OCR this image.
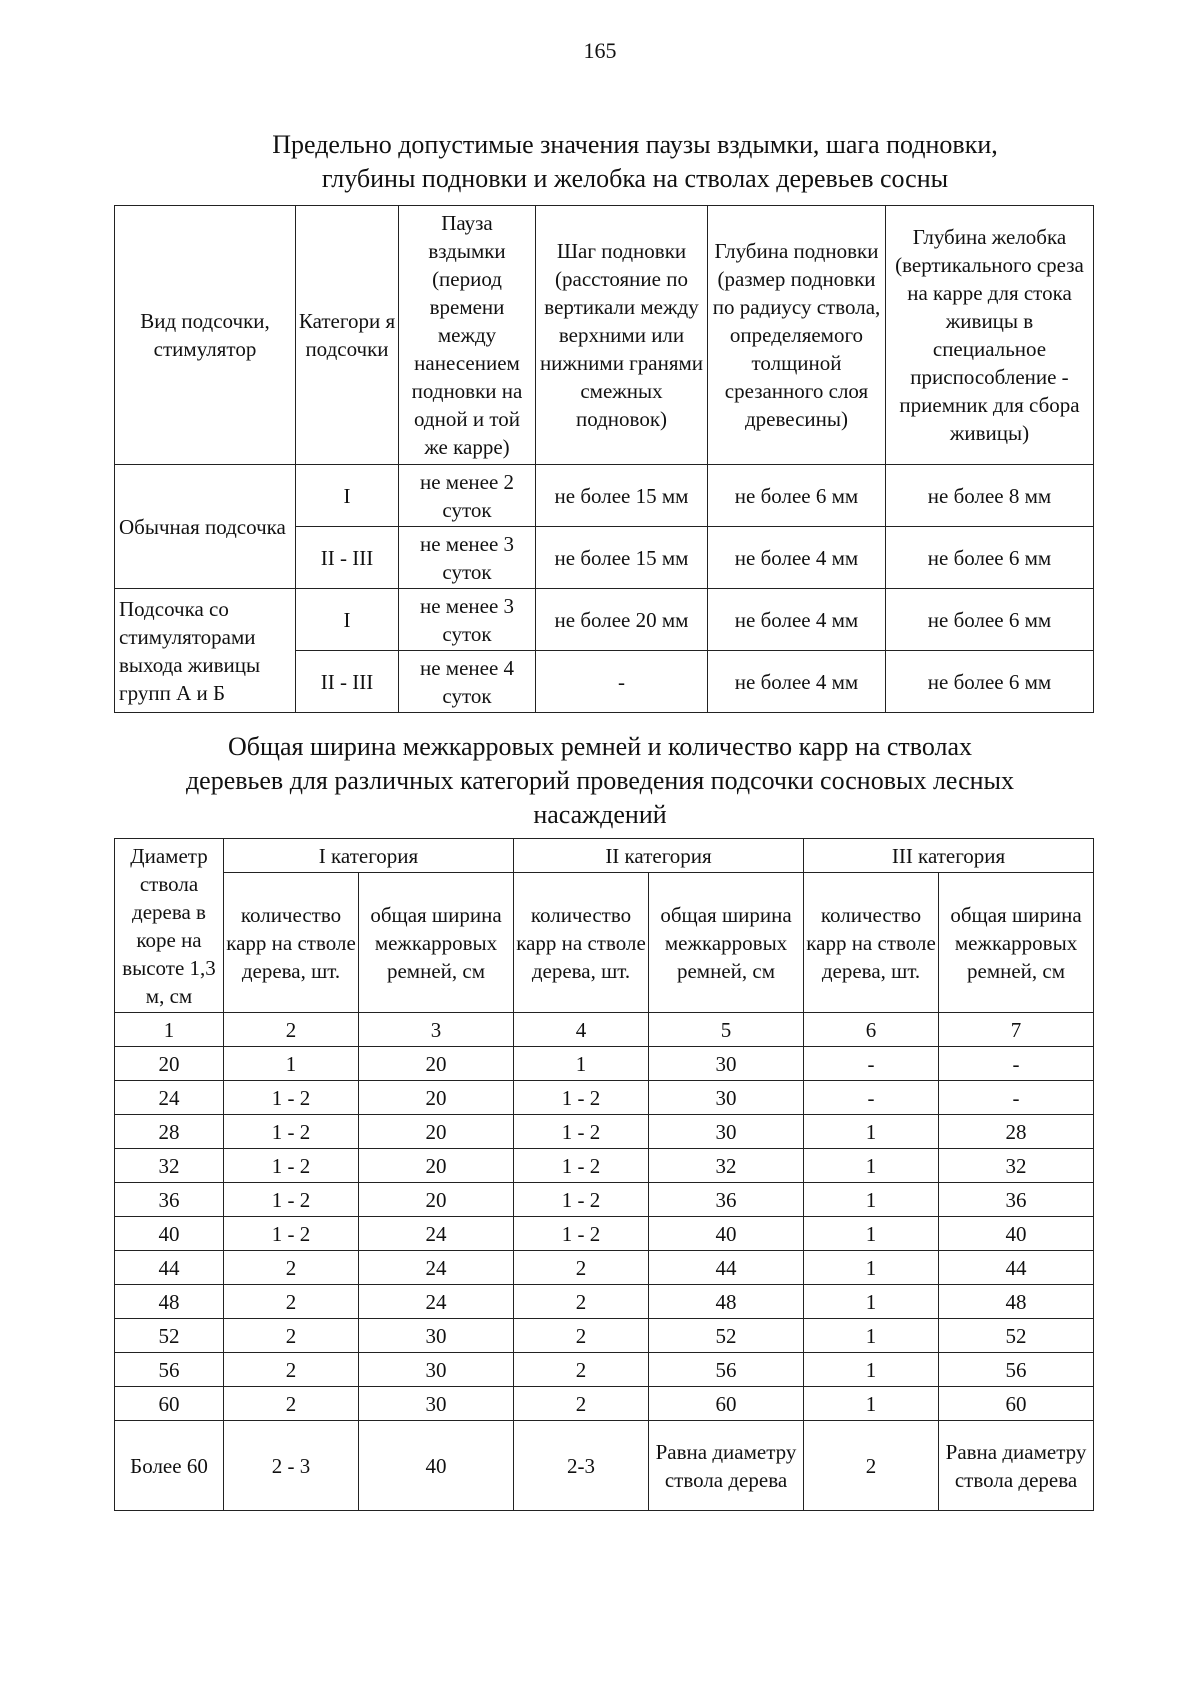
165
Предельно допустимые значения паузы вздымки, шага подновки,
глубины подновки и желобка на стволах деревьев сосны
Вид подсочки, стимулятор	Категори я подсочки	Пауза вздымки (период времени между нанесением подновки на одной и той же карре)	Шаг подновки (расстояние по вертикали между верхними или нижними гранями смежных подновок)	Глубина подновки (размер подновки по радиусу ствола, определяемого толщиной срезанного слоя древесины)	Глубина желобка (вертикального среза на карре для стока живицы в специальное приспособление - приемник для сбора живицы)
Обычная подсочка	I	не менее 2 суток	не более 15 мм	не более 6 мм	не более 8 мм
	II - III	не менее 3 суток	не более 15 мм	не более 4 мм	не более 6 мм
Подсочка со стимуляторами выхода живицы групп А и Б	I	не менее 3 суток	не более 20 мм	не более 4 мм	не более 6 мм
	II - III	не менее 4 суток	-	не более 4 мм	не более 6 мм
Общая ширина межкарровых ремней и количество карр на стволах
деревьев для различных категорий проведения подсочки сосновых лесных
насаждений
Диаметр ствола дерева в коре на высоте 1,3 м, см	I категория		II категория		III категория	
	количество карр на стволе дерева, шт.	общая ширина межкарровых ремней, см	количество карр на стволе дерева, шт.	общая ширина межкарровых ремней, см	количество карр на стволе дерева, шт.	общая ширина межкарровых ремней, см
1	2	3	4	5	6	7
20	1	20	1	30	-	-
24	1 - 2	20	1 - 2	30	-	-
28	1 - 2	20	1 - 2	30	1	28
32	1 - 2	20	1 - 2	32	1	32
36	1 - 2	20	1 - 2	36	1	36
40	1 - 2	24	1 - 2	40	1	40
44	2	24	2	44	1	44
48	2	24	2	48	1	48
52	2	30	2	52	1	52
56	2	30	2	56	1	56
60	2	30	2	60	1	60
Более 60	2 - 3	40	2-3	Равна диаметру ствола дерева	2	Равна диаметру ствола дерева
